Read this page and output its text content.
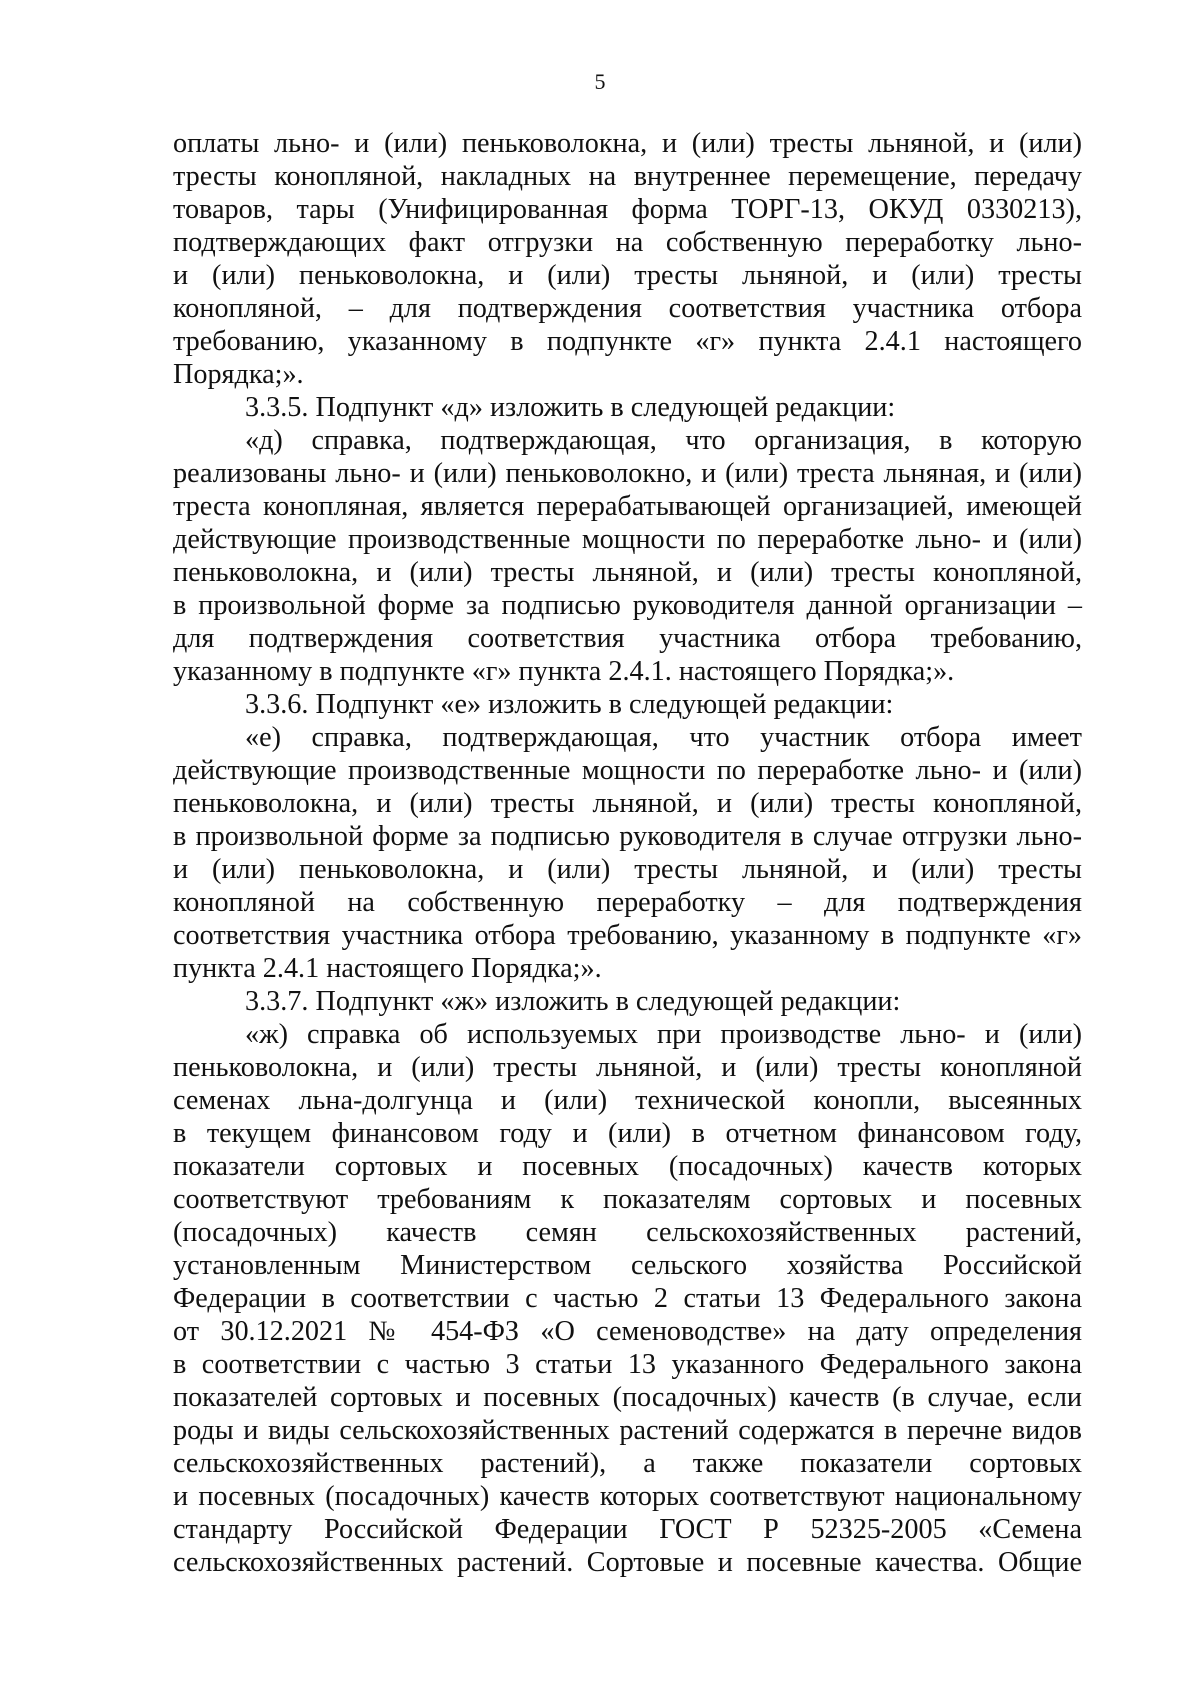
5
оплаты льно- и (или) пеньковолокна, и (или) тресты льняной, и (или)
тресты конопляной, накладных на внутреннее перемещение, передачу
товаров, тары (Унифицированная форма ТОРГ-13, ОКУД 0330213),
подтверждающих факт отгрузки на собственную переработку льно-
и (или) пеньковолокна, и (или) тресты льняной, и (или) тресты
конопляной, – для подтверждения соответствия участника отбора
требованию, указанному в подпункте «г» пункта 2.4.1 настоящего
Порядка;».
3.3.5. Подпункт «д» изложить в следующей редакции:
«д) справка, подтверждающая, что организация, в которую
реализованы льно- и (или) пеньковолокно, и (или) треста льняная, и (или)
треста конопляная, является перерабатывающей организацией, имеющей
действующие производственные мощности по переработке льно- и (или)
пеньковолокна, и (или) тресты льняной, и (или) тресты конопляной,
в произвольной форме за подписью руководителя данной организации –
для подтверждения соответствия участника отбора требованию,
указанному в подпункте «г» пункта 2.4.1. настоящего Порядка;».
3.3.6. Подпункт «е» изложить в следующей редакции:
«е) справка, подтверждающая, что участник отбора имеет
действующие производственные мощности по переработке льно- и (или)
пеньковолокна, и (или) тресты льняной, и (или) тресты конопляной,
в произвольной форме за подписью руководителя в случае отгрузки льно-
и (или) пеньковолокна, и (или) тресты льняной, и (или) тресты
конопляной на собственную переработку – для подтверждения
соответствия участника отбора требованию, указанному в подпункте «г»
пункта 2.4.1 настоящего Порядка;».
3.3.7. Подпункт «ж» изложить в следующей редакции:
«ж) справка об используемых при производстве льно- и (или)
пеньковолокна, и (или) тресты льняной, и (или) тресты конопляной
семенах льна-долгунца и (или) технической конопли, высеянных
в текущем финансовом году и (или) в отчетном финансовом году,
показатели сортовых и посевных (посадочных) качеств которых
соответствуют требованиям к показателям сортовых и посевных
(посадочных) качеств семян сельскохозяйственных растений,
установленным Министерством сельского хозяйства Российской
Федерации в соответствии с частью 2 статьи 13 Федерального закона
от 30.12.2021 № 454-ФЗ «О семеноводстве» на дату определения
в соответствии с частью 3 статьи 13 указанного Федерального закона
показателей сортовых и посевных (посадочных) качеств (в случае, если
роды и виды сельскохозяйственных растений содержатся в перечне видов
сельскохозяйственных растений), а также показатели сортовых
и посевных (посадочных) качеств которых соответствуют национальному
стандарту Российской Федерации ГОСТ Р 52325-2005 «Семена
сельскохозяйственных растений. Сортовые и посевные качества. Общие
